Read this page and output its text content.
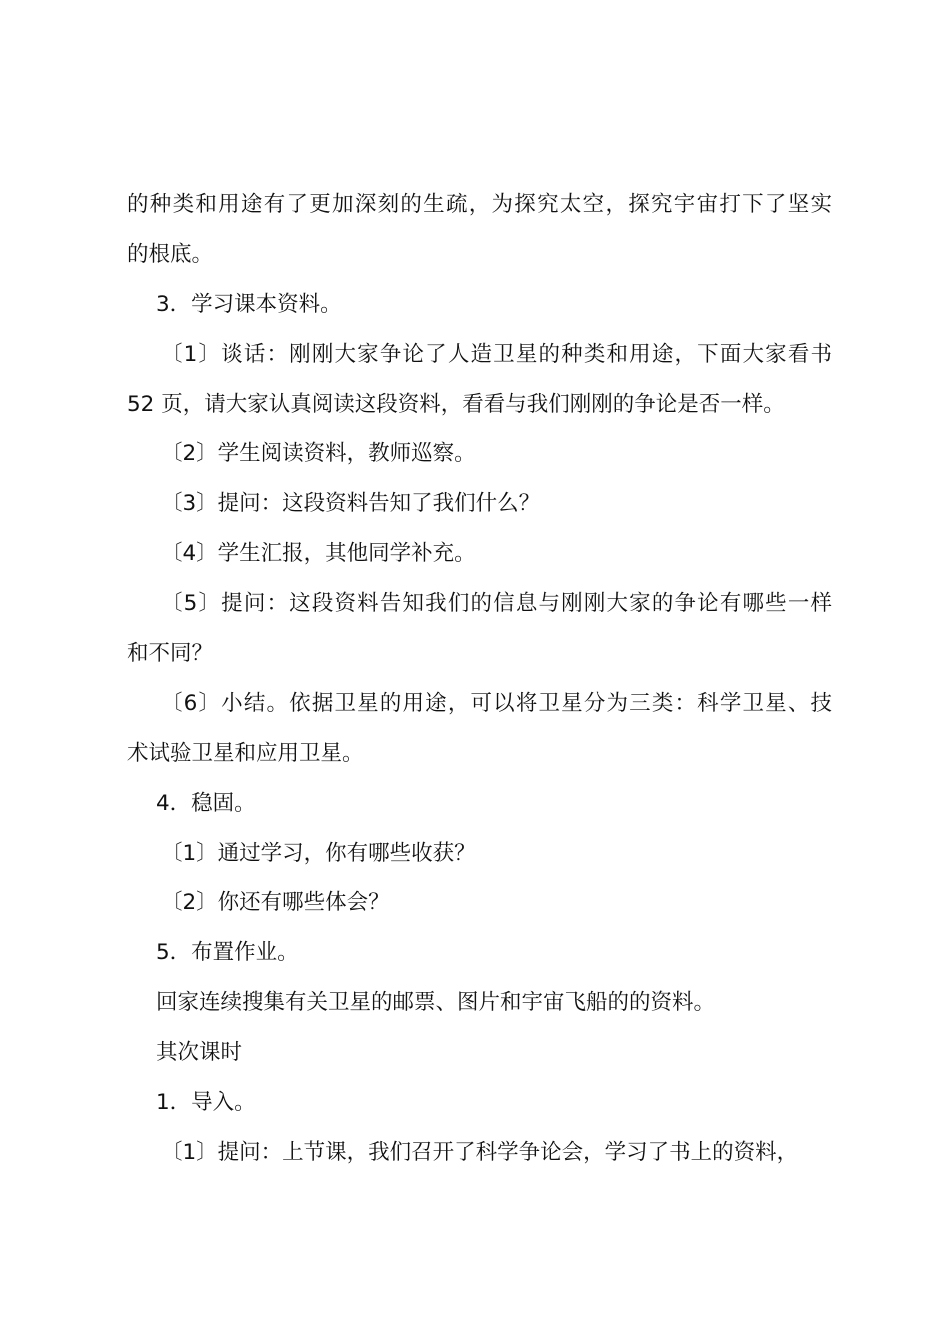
的种类和用途有了更加深刻的生疏，为探究太空，探究宇宙打下了坚实
的根底。
3．学习课本资料。
〔1〕谈话：刚刚大家争论了人造卫星的种类和用途，下面大家看书
52 页，请大家认真阅读这段资料，看看与我们刚刚的争论是否一样。
〔2〕学生阅读资料，教师巡察。
〔3〕提问：这段资料告知了我们什么？
〔4〕学生汇报，其他同学补充。
〔5〕提问：这段资料告知我们的信息与刚刚大家的争论有哪些一样
和不同？
〔6〕小结。依据卫星的用途，可以将卫星分为三类：科学卫星、技
术试验卫星和应用卫星。
4．稳固。
〔1〕通过学习，你有哪些收获？
〔2〕你还有哪些体会？
5．布置作业。
回家连续搜集有关卫星的邮票、图片和宇宙飞船的的资料。
其次课时
1．导入。
〔1〕提问：上节课，我们召开了科学争论会，学习了书上的资料，
